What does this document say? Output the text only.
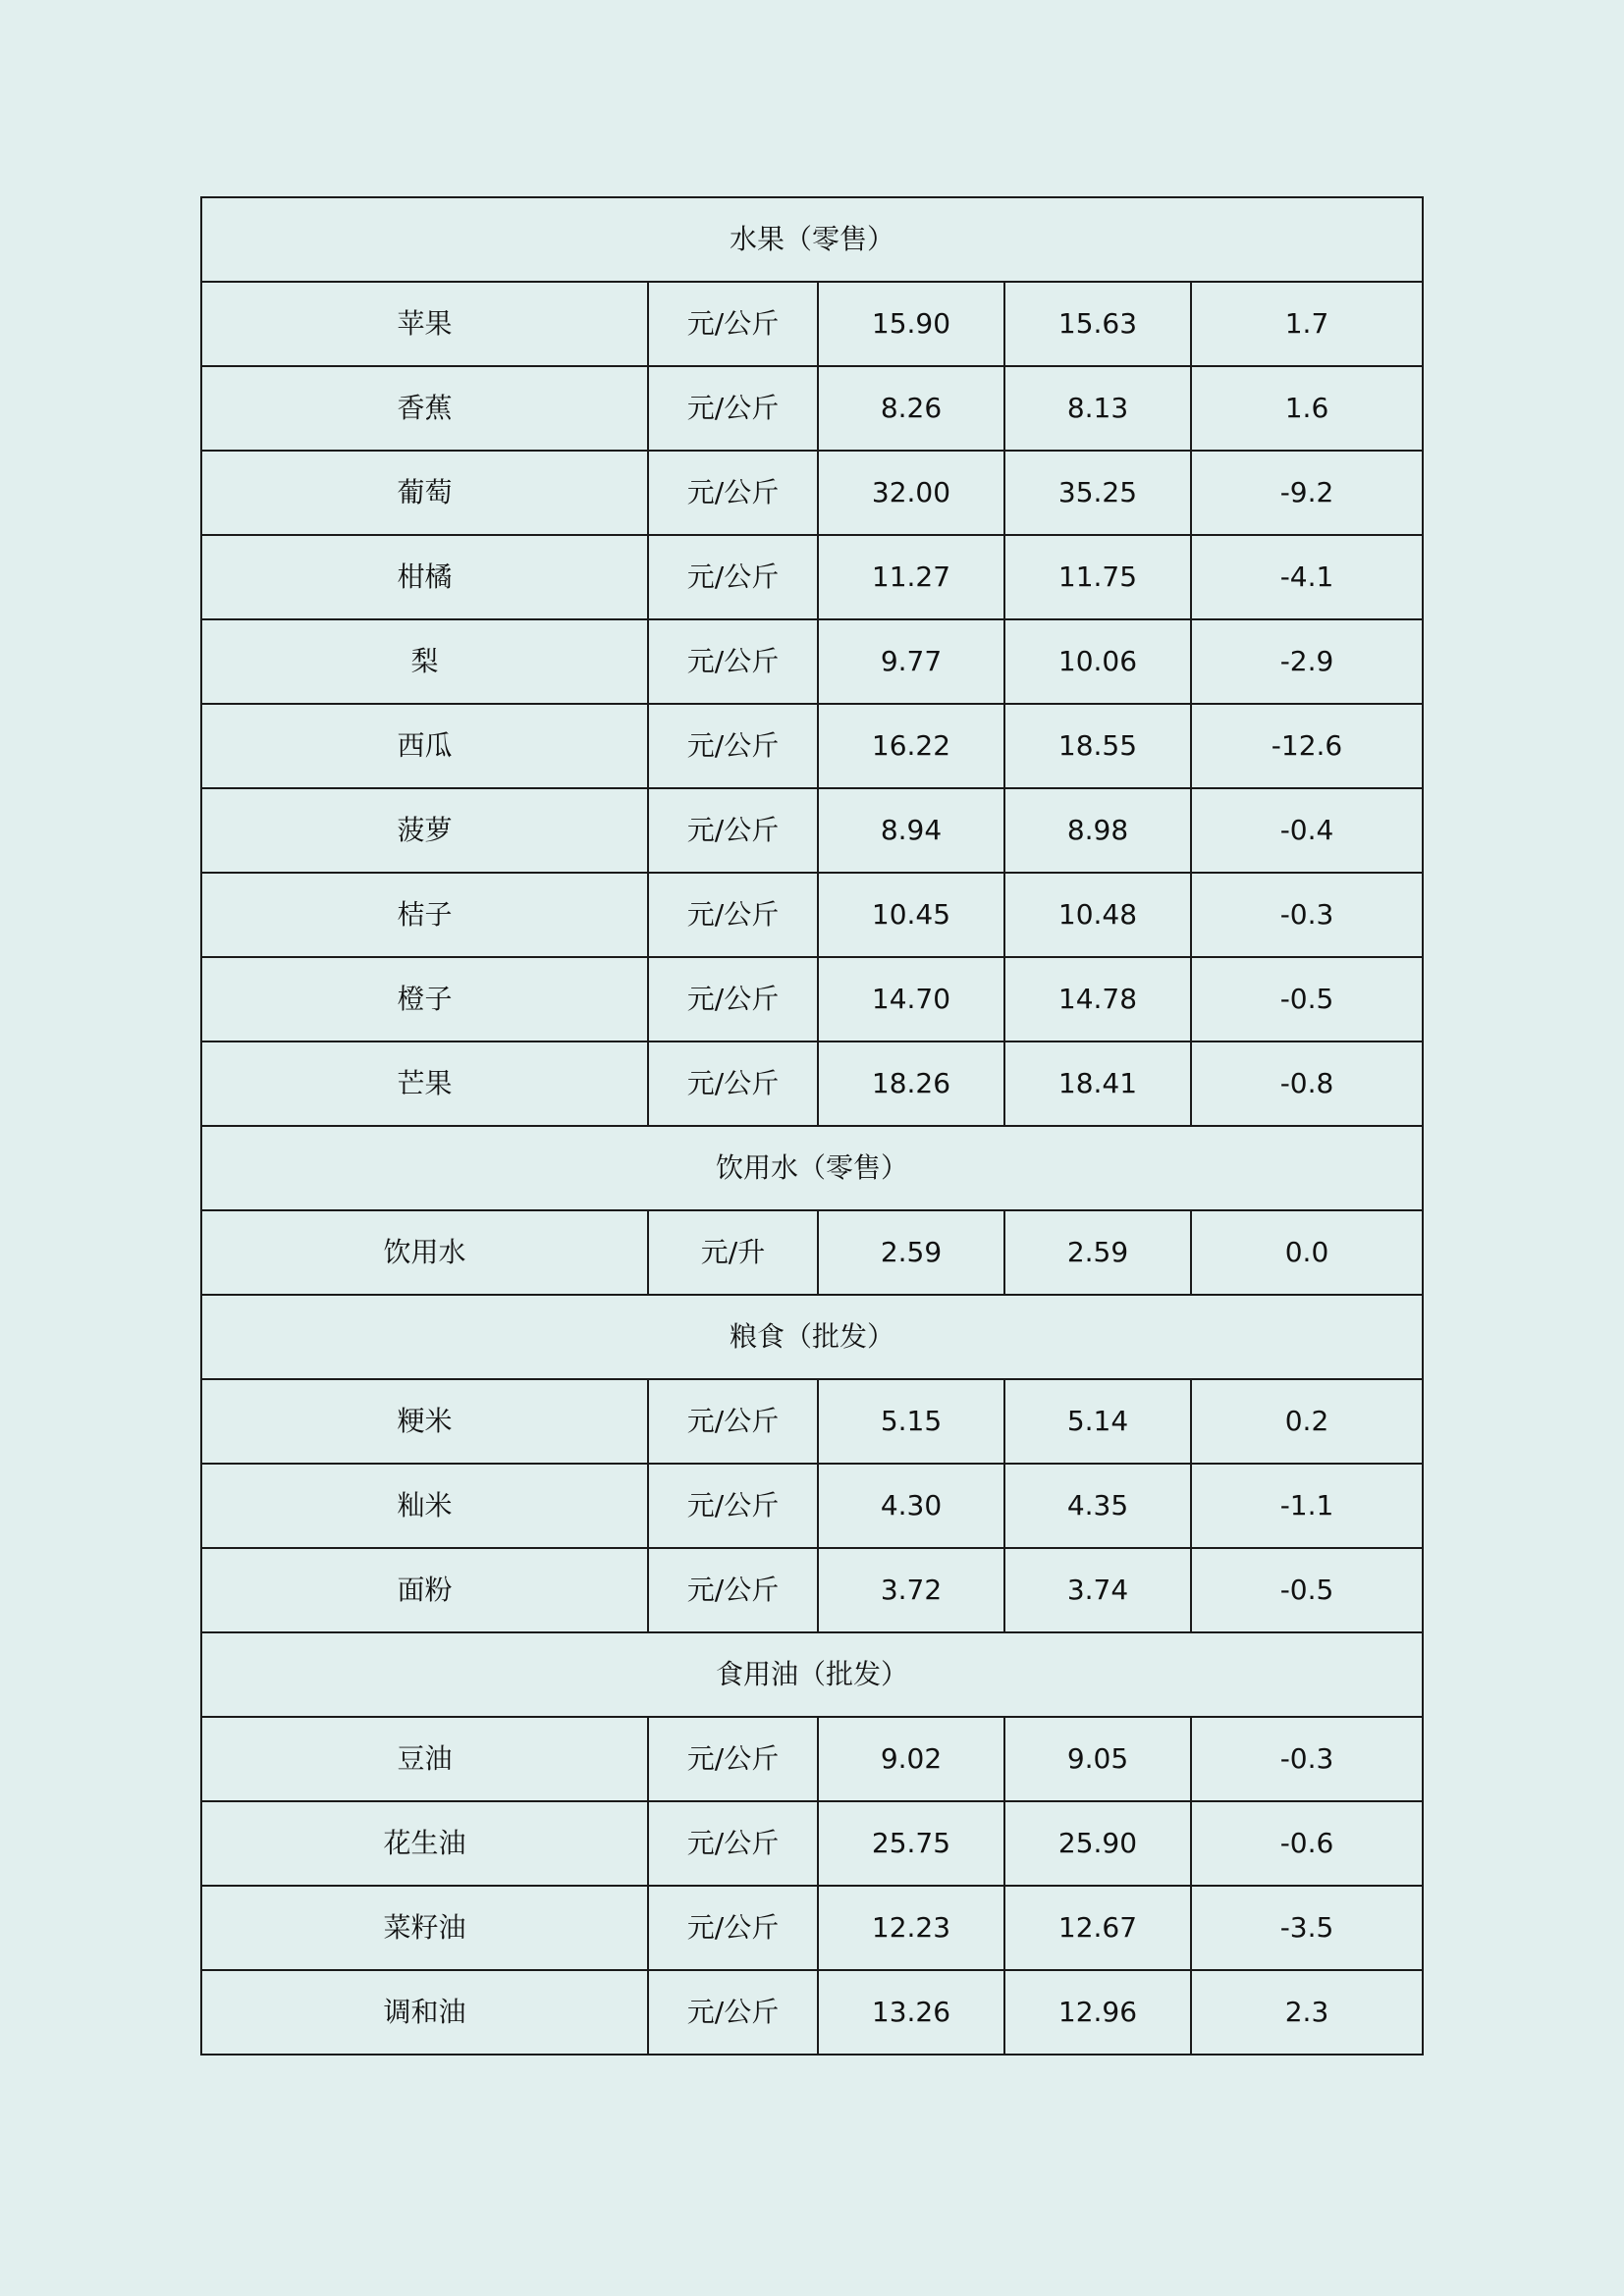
水果（零售）				
苹果	元/公斤	15.90	15.63	1.7
香蕉	元/公斤	8.26	8.13	1.6
葡萄	元/公斤	32.00	35.25	-9.2
柑橘	元/公斤	11.27	11.75	-4.1
梨	元/公斤	9.77	10.06	-2.9
西瓜	元/公斤	16.22	18.55	-12.6
菠萝	元/公斤	8.94	8.98	-0.4
桔子	元/公斤	10.45	10.48	-0.3
橙子	元/公斤	14.70	14.78	-0.5
芒果	元/公斤	18.26	18.41	-0.8
饮用水（零售）				
饮用水	元/升	2.59	2.59	0.0
粮食（批发）				
粳米	元/公斤	5.15	5.14	0.2
籼米	元/公斤	4.30	4.35	-1.1
面粉	元/公斤	3.72	3.74	-0.5
食用油（批发）				
豆油	元/公斤	9.02	9.05	-0.3
花生油	元/公斤	25.75	25.90	-0.6
菜籽油	元/公斤	12.23	12.67	-3.5
调和油	元/公斤	13.26	12.96	2.3
